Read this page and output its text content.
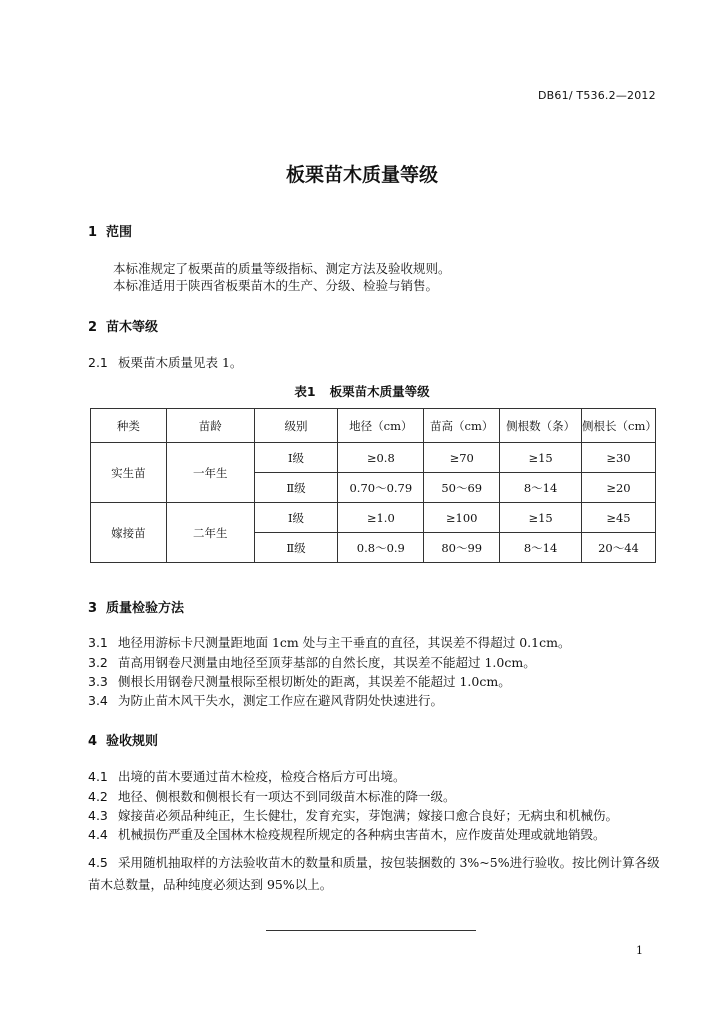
DB61/ T536.2—2012
板栗苗木质量等级
1 范围
本标准规定了板栗苗的质量等级指标、测定方法及验收规则。
本标准适用于陕西省板栗苗木的生产、分级、检验与销售。
2 苗木等级
2.1 板栗苗木质量见表 1。
表1 板栗苗木质量等级
种类	苗龄	级别	地径（cm）	苗高（cm）	侧根数（条）	侧根长（cm）
实生苗	一年生	Ⅰ级	≥0.8	≥70	≥15	≥30
		Ⅱ级	0.70～0.79	50～69	8～14	≥20
嫁接苗	二年生	Ⅰ级	≥1.0	≥100	≥15	≥45
		Ⅱ级	0.8～0.9	80～99	8～14	20～44
3 质量检验方法
3.1 地径用游标卡尺测量距地面 1cm 处与主干垂直的直径，其误差不得超过 0.1cm。
3.2 苗高用钢卷尺测量由地径至顶芽基部的自然长度，其误差不能超过 1.0cm。
3.3 侧根长用钢卷尺测量根际至根切断处的距离，其误差不能超过 1.0cm。
3.4 为防止苗木风干失水，测定工作应在避风背阴处快速进行。
4 验收规则
4.1 出境的苗木要通过苗木检疫，检疫合格后方可出境。
4.2 地径、侧根数和侧根长有一项达不到同级苗木标准的降一级。
4.3 嫁接苗必须品种纯正，生长健壮，发育充实，芽饱满；嫁接口愈合良好；无病虫和机械伤。
4.4 机械损伤严重及全国林木检疫规程所规定的各种病虫害苗木，应作废苗处理或就地销毁。
4.5 采用随机抽取样的方法验收苗木的数量和质量，按包装捆数的 3%~5%进行验收。按比例计算各级苗木总数量，品种纯度必须达到 95%以上。
1
